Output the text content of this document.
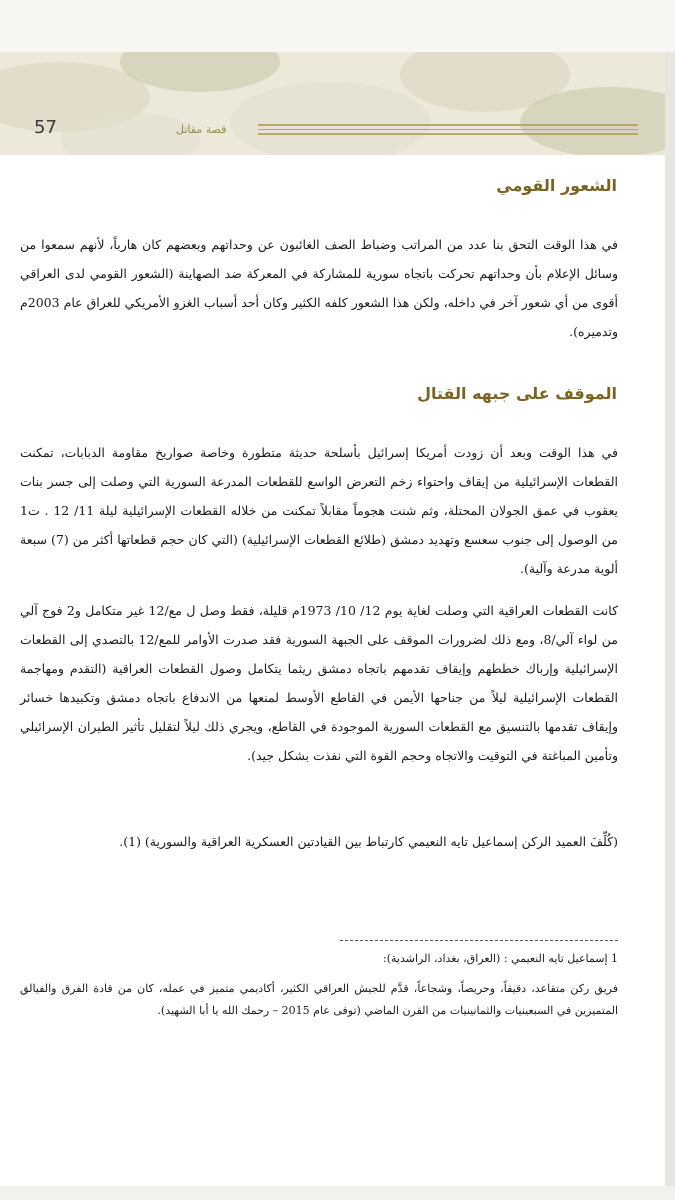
57	قصة مقاتل
الشعور القومي

في هذا الوقت التحق بنا عدد من المراتب وضباط الصف الغائبون عن وحداتهم وبعضهم كان هارباً، لأنهم سمعوا من وسائل الإعلام بأن وحداتهم تحركت باتجاه سورية للمشاركة في المعركة ضد الصهاينة (الشعور القومي لدى العراقي أقوى من أي شعور آخر في داخله، ولكن هذا الشعور كلفه الكثير وكان أحد أسباب الغزو الأمريكي للعراق عام 2003م وتدميره).

الموقف على جبهه القتال

في هذا الوقت وبعد أن زودت أمريكا إسرائيل بأسلحة حديثة متطورة وخاصة صواريخ مقاومة الدبابات، تمكنت القطعات الإسرائيلية من إيقاف واحتواء زخم التعرض الواسع للقطعات المدرعة السورية التي وصلت إلى جسر بنات يعقوب في عمق الجولان المحتلة، وثم شنت هجوماً مقابلاً تمكنت من خلاله القطعات الإسرائيلية ليلة 11/ 12 . ت1 من الوصول إلى جنوب سعسع وتهديد دمشق (طلائع القطعات الإسرائيلية) (التي كان حجم قطعاتها أكثر من (7) سبعة ألوية مدرعة وآلية).

كانت القطعات العراقية التي وصلت لغاية يوم 12/ 10/ 1973م قليلة، فقط وصل ل مع/12 غير متكامل و2 فوج آلي من لواء آلي/8، ومع ذلك لضرورات الموقف على الجبهة السورية فقد صدرت الأوامر للمع/12 بالتصدي إلى القطعات الإسرائيلية وإرباك خططهم وإيقاف تقدمهم باتجاه دمشق ريثما يتكامل وصول القطعات العراقية (التقدم ومهاجمة القطعات الإسرائيلية ليلاً من جناحها الأيمن في القاطع الأوسط لمنعها من الاندفاع باتجاه دمشق وتكبيدها خسائر وإيقاف تقدمها بالتنسيق مع القطعات السورية الموجودة في القاطع، ويجري ذلك ليلاً لتقليل تأثير الطيران الإسرائيلي وتأمين المباغتة في التوقيت والاتجاه وحجم القوة التي نفذت بشكل جيد).

(كُلِّفَ العميد الركن إسماعيل تايه النعيمي كارتباط بين القيادتين العسكرية العراقية والسورية) (1).

1 إسماعيل تايه النعيمي : (العراق، بغداد، الراشدية):

فريق ركن متقاعد، دقيقاً، وحريصاً، وشجاعاً، قدَّم للجيش العراقي الكثير، أكاديمي متميز في عمله، كان من قادة الفرق والفيالق المتميزين في السبعينيات والثمانينيات من القرن الماضي (توفى عام 2015 – رحمك الله يا أبا الشهيد).
